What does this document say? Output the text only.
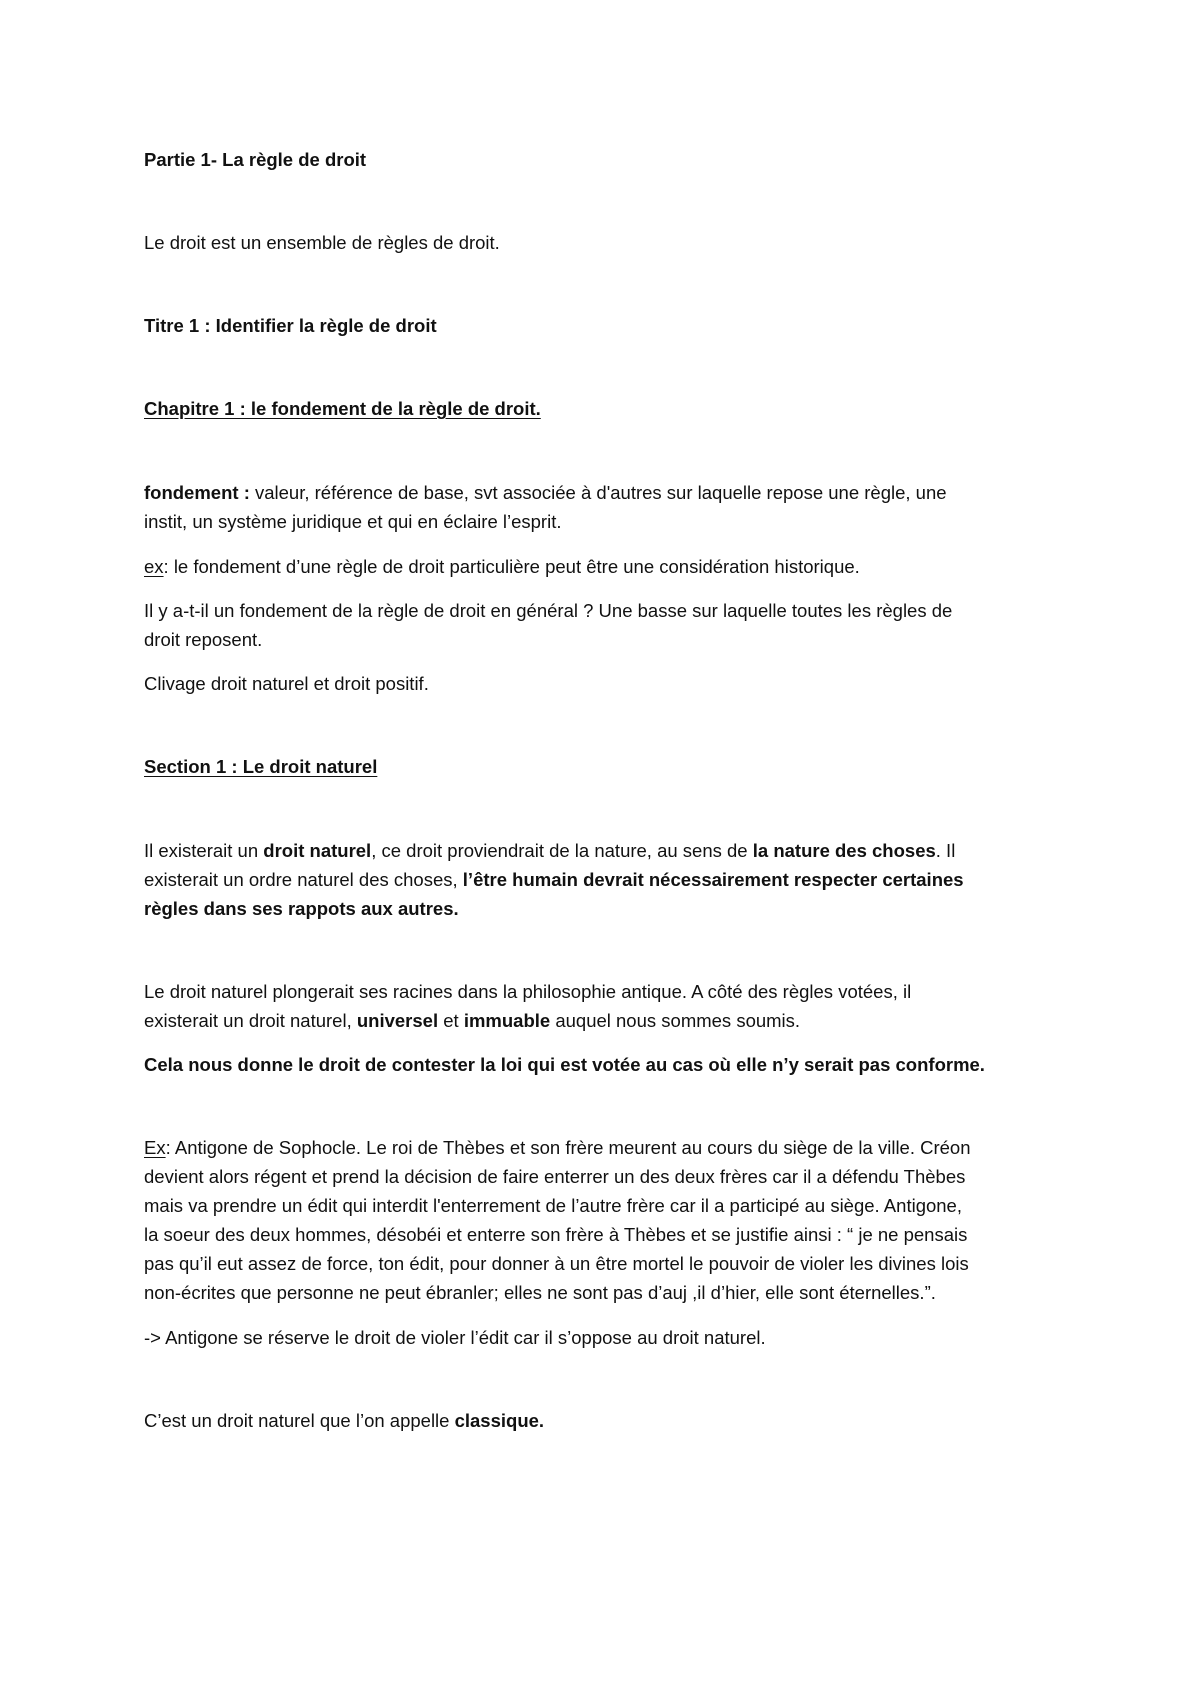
Partie 1- La règle de droit

Le droit est un ensemble de règles de droit.

Titre 1 : Identifier la règle de droit

Chapitre 1 : le fondement de la règle de droit.

fondement : valeur, référence de base, svt associée à d'autres sur laquelle repose une règle, une

instit, un système juridique et qui en éclaire l’esprit.

ex: le fondement d’une règle de droit particulière peut être une considération historique.

Il y a-t-il un fondement de la règle de droit en général ? Une basse sur laquelle toutes les règles de

droit reposent.

Clivage droit naturel et droit positif.

Section 1 : Le droit naturel

Il existerait un droit naturel, ce droit proviendrait de la nature, au sens de la nature des choses. Il

existerait un ordre naturel des choses, l’être humain devrait nécessairement respecter certaines

règles dans ses rappots aux autres.

Le droit naturel plongerait ses racines dans la philosophie antique. A côté des règles votées, il

existerait un droit naturel, universel et immuable auquel nous sommes soumis.

Cela nous donne le droit de contester la loi qui est votée au cas où elle n’y serait pas conforme.

Ex: Antigone de Sophocle. Le roi de Thèbes et son frère meurent au cours du siège de la ville. Créon

devient alors régent et prend la décision de faire enterrer un des deux frères car il a défendu Thèbes

mais va prendre un édit qui interdit l'enterrement de l’autre frère car il a participé au siège. Antigone,

la soeur des deux hommes, désobéi et enterre son frère à Thèbes et se justifie ainsi : “ je ne pensais

pas qu’il eut assez de force, ton édit, pour donner à un être mortel le pouvoir de violer les divines lois

non-écrites que personne ne peut ébranler; elles ne sont pas d’auj ,il d’hier, elle sont éternelles.”.

-> Antigone se réserve le droit de violer l’édit car il s’oppose au droit naturel.

C’est un droit naturel que l’on appelle classique.
